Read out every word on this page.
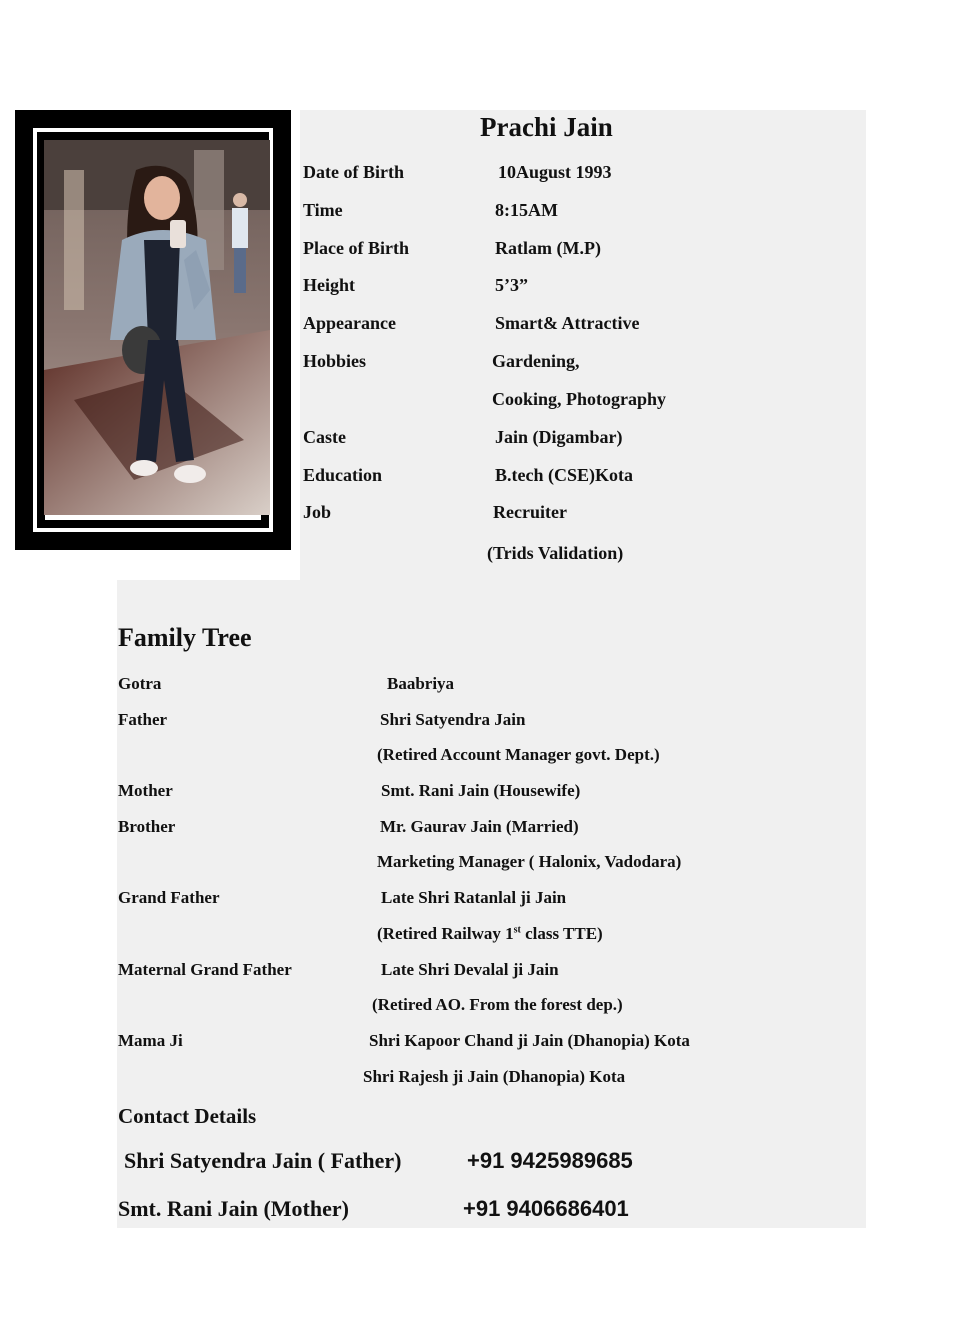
Prachi Jain
Date of Birth	10August 1993
Time	8:15AM
Place of Birth	Ratlam (M.P)
Height	5’3”
Appearance	Smart& Attractive
Hobbies	Gardening,
Cooking, Photography
Caste	Jain (Digambar)
Education	B.tech (CSE)Kota
Job	Recruiter
(Trids Validation)
Family Tree
Gotra	Baabriya
Father	Shri Satyendra Jain
(Retired Account Manager govt. Dept.)
Mother	Smt. Rani Jain (Housewife)
Brother	Mr. Gaurav Jain (Married)
Marketing Manager ( Halonix, Vadodara)
Grand Father	Late Shri Ratanlal ji Jain
(Retired Railway 1st class TTE)
Maternal Grand Father	Late Shri Devalal ji Jain
(Retired AO. From the forest dep.)
Mama Ji	Shri Kapoor Chand ji Jain (Dhanopia) Kota
Shri Rajesh ji Jain (Dhanopia) Kota
Contact Details
Shri Satyendra Jain ( Father)	+91 9425989685
Smt. Rani Jain (Mother)	+91 9406686401
